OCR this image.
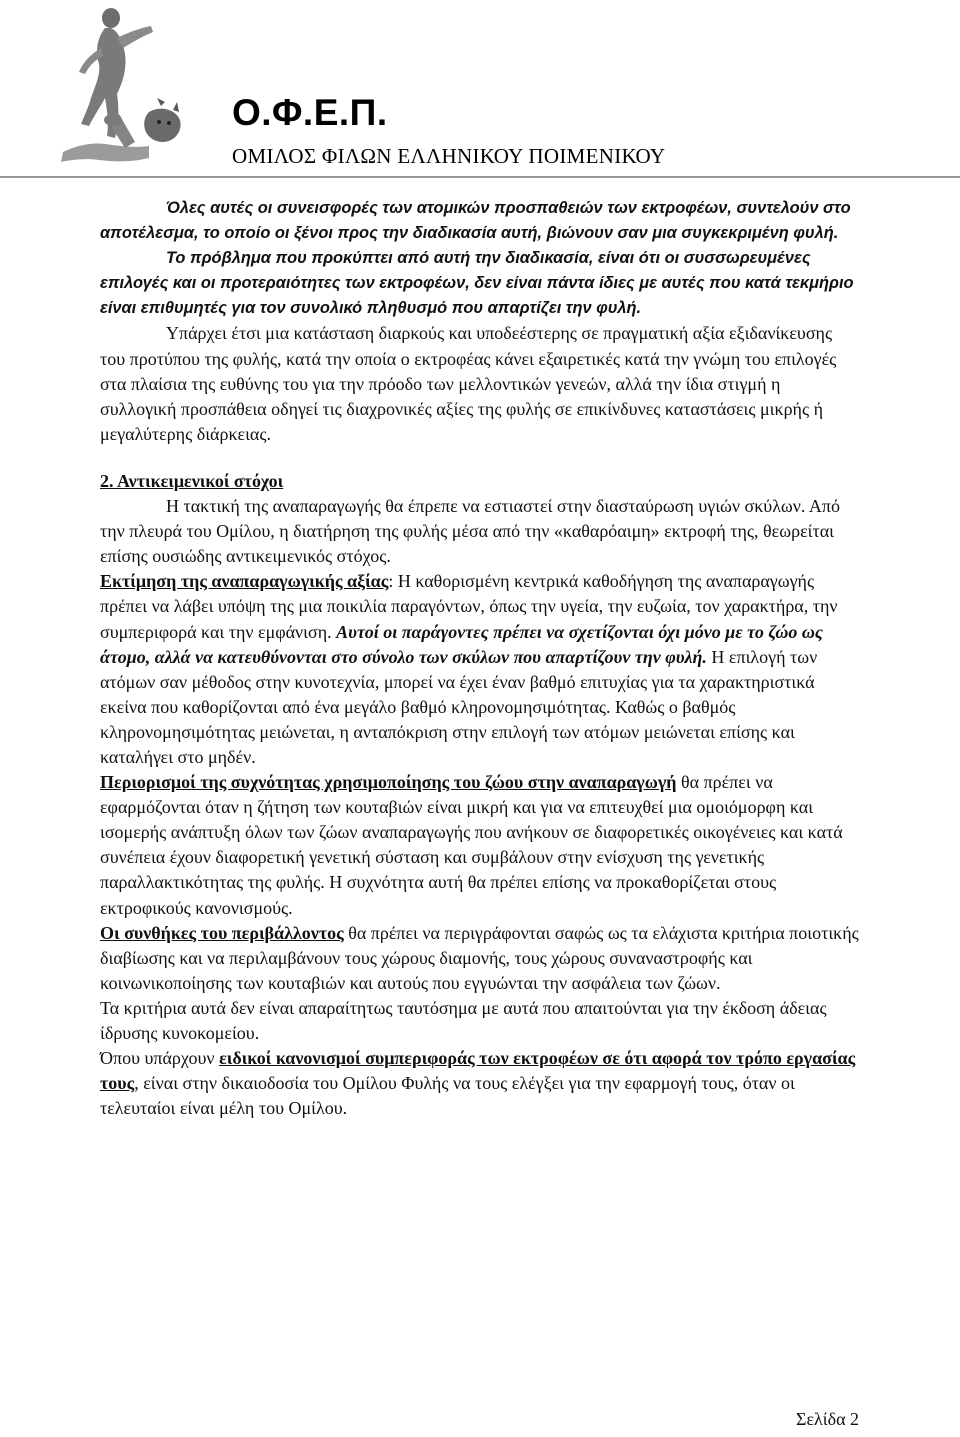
Ο.Φ.Ε.Π.
ΟΜΙΛΟΣ ΦΙΛΩΝ ΕΛΛΗΝΙΚΟΥ ΠΟΙΜΕΝΙΚΟΥ

Όλες αυτές οι συνεισφορές των ατομικών προσπαθειών των εκτροφέων, συντελούν στο αποτέλεσμα, το οποίο οι ξένοι προς την διαδικασία αυτή, βιώνουν σαν μια συγκεκριμένη φυλή.

Το πρόβλημα που προκύπτει από αυτή την διαδικασία, είναι ότι οι συσσωρευμένες επιλογές και οι προτεραιότητες των εκτροφέων, δεν είναι πάντα ίδιες με αυτές που κατά τεκμήριο είναι επιθυμητές για τον συνολικό πληθυσμό που απαρτίζει την φυλή.

Υπάρχει έτσι μια κατάσταση διαρκούς και υποδεέστερης σε πραγματική αξία εξιδανίκευσης του προτύπου της φυλής, κατά την οποία ο εκτροφέας κάνει εξαιρετικές κατά την γνώμη του επιλογές στα πλαίσια της ευθύνης του για την πρόοδο των μελλοντικών γενεών, αλλά την ίδια στιγμή η συλλογική προσπάθεια οδηγεί τις διαχρονικές αξίες της φυλής σε επικίνδυνες καταστάσεις μικρής ή μεγαλύτερης διάρκειας.

2. Αντικειμενικοί στόχοι

Η τακτική της αναπαραγωγής θα έπρεπε να εστιαστεί στην διασταύρωση υγιών σκύλων. Από την πλευρά του Ομίλου, η διατήρηση της φυλής μέσα από την «καθαρόαιμη» εκτροφή της, θεωρείται επίσης ουσιώδης αντικειμενικός στόχος.

Εκτίμηση της αναπαραγωγικής αξίας: Η καθορισμένη κεντρικά καθοδήγηση της αναπαραγωγής πρέπει να λάβει υπόψη της μια ποικιλία παραγόντων, όπως την υγεία, την ευζωία, τον χαρακτήρα, την συμπεριφορά και την εμφάνιση. Αυτοί οι παράγοντες πρέπει να σχετίζονται όχι μόνο με το ζώο ως άτομο, αλλά να κατευθύνονται στο σύνολο των σκύλων που απαρτίζουν την φυλή. Η επιλογή των ατόμων σαν μέθοδος στην κυνοτεχνία, μπορεί να έχει έναν βαθμό επιτυχίας για τα χαρακτηριστικά εκείνα που καθορίζονται από ένα μεγάλο βαθμό κληρονομησιμότητας. Καθώς ο βαθμός κληρονομησιμότητας μειώνεται, η ανταπόκριση στην επιλογή των ατόμων μειώνεται επίσης και καταλήγει στο μηδέν.

Περιορισμοί της συχνότητας χρησιμοποίησης του ζώου στην αναπαραγωγή θα πρέπει να εφαρμόζονται όταν η ζήτηση των κουταβιών είναι μικρή και για να επιτευχθεί μια ομοιόμορφη και ισομερής ανάπτυξη όλων των ζώων αναπαραγωγής που ανήκουν σε διαφορετικές οικογένειες και κατά συνέπεια έχουν διαφορετική γενετική σύσταση και συμβάλουν στην ενίσχυση της γενετικής παραλλακτικότητας της φυλής. Η συχνότητα αυτή θα πρέπει επίσης να προκαθορίζεται στους εκτροφικούς κανονισμούς.

Οι συνθήκες του περιβάλλοντος θα πρέπει να περιγράφονται σαφώς ως τα ελάχιστα κριτήρια ποιοτικής διαβίωσης και να περιλαμβάνουν τους χώρους διαμονής, τους χώρους συναναστροφής και κοινωνικοποίησης των κουταβιών και αυτούς που εγγυώνται την ασφάλεια των ζώων.

Τα κριτήρια αυτά δεν είναι απαραίτητως ταυτόσημα με αυτά που απαιτούνται για την έκδοση άδειας ίδρυσης κυνοκομείου.

Όπου υπάρχουν ειδικοί κανονισμοί συμπεριφοράς των εκτροφέων σε ότι αφορά τον τρόπο εργασίας τους, είναι στην δικαιοδοσία του Ομίλου Φυλής να τους ελέγξει για την εφαρμογή τους, όταν οι τελευταίοι είναι μέλη του Ομίλου.

Σελίδα 2
